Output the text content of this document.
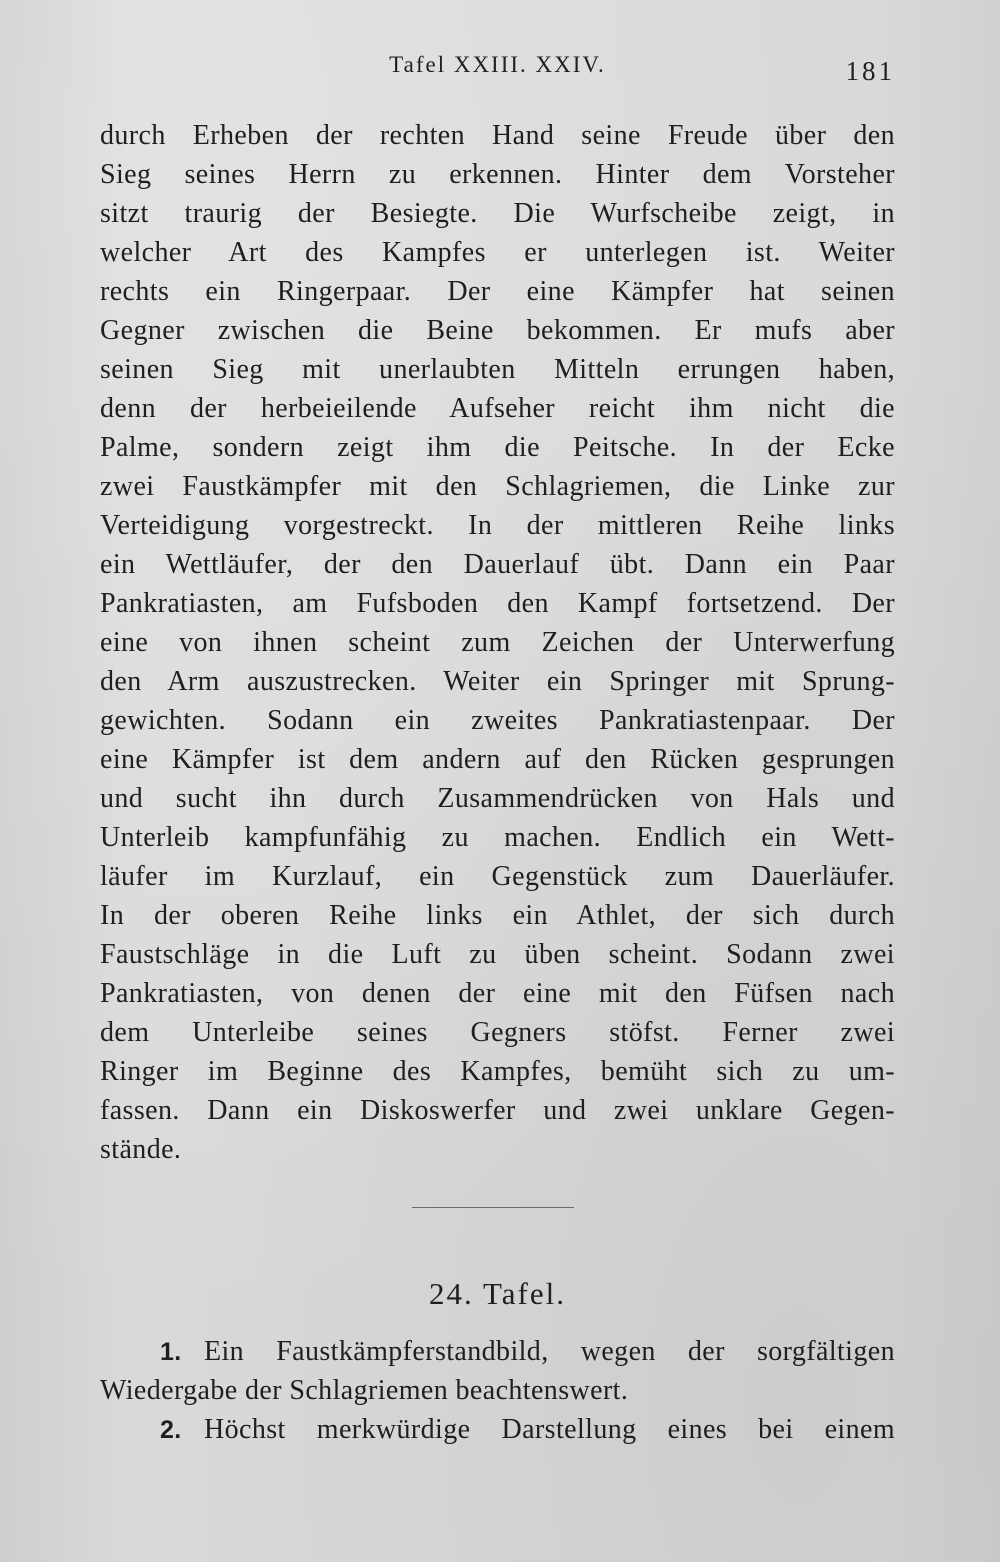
Tafel XXIII. XXIV.	181
durch Erheben der rechten Hand seine Freude über den
Sieg seines Herrn zu erkennen. Hinter dem Vorsteher
sitzt traurig der Besiegte. Die Wurfscheibe zeigt, in
welcher Art des Kampfes er unterlegen ist. Weiter
rechts ein Ringerpaar. Der eine Kämpfer hat seinen
Gegner zwischen die Beine bekommen. Er mufs aber
seinen Sieg mit unerlaubten Mitteln errungen haben,
denn der herbeieilende Aufseher reicht ihm nicht die
Palme, sondern zeigt ihm die Peitsche. In der Ecke
zwei Faustkämpfer mit den Schlagriemen, die Linke zur
Verteidigung vorgestreckt. In der mittleren Reihe links
ein Wettläufer, der den Dauerlauf übt. Dann ein Paar
Pankratiasten, am Fufsboden den Kampf fortsetzend. Der
eine von ihnen scheint zum Zeichen der Unterwerfung
den Arm auszustrecken. Weiter ein Springer mit Sprung-
gewichten. Sodann ein zweites Pankratiastenpaar. Der
eine Kämpfer ist dem andern auf den Rücken gesprungen
und sucht ihn durch Zusammendrücken von Hals und
Unterleib kampfunfähig zu machen. Endlich ein Wett-
läufer im Kurzlauf, ein Gegenstück zum Dauerläufer.
In der oberen Reihe links ein Athlet, der sich durch
Faustschläge in die Luft zu üben scheint. Sodann zwei
Pankratiasten, von denen der eine mit den Füfsen nach
dem Unterleibe seines Gegners stöfst. Ferner zwei
Ringer im Beginne des Kampfes, bemüht sich zu um-
fassen. Dann ein Diskoswerfer und zwei unklare Gegen-
stände.
24. Tafel.
1. Ein Faustkämpferstandbild, wegen der sorgfältigen
Wiedergabe der Schlagriemen beachtenswert.
2. Höchst merkwürdige Darstellung eines bei einem
